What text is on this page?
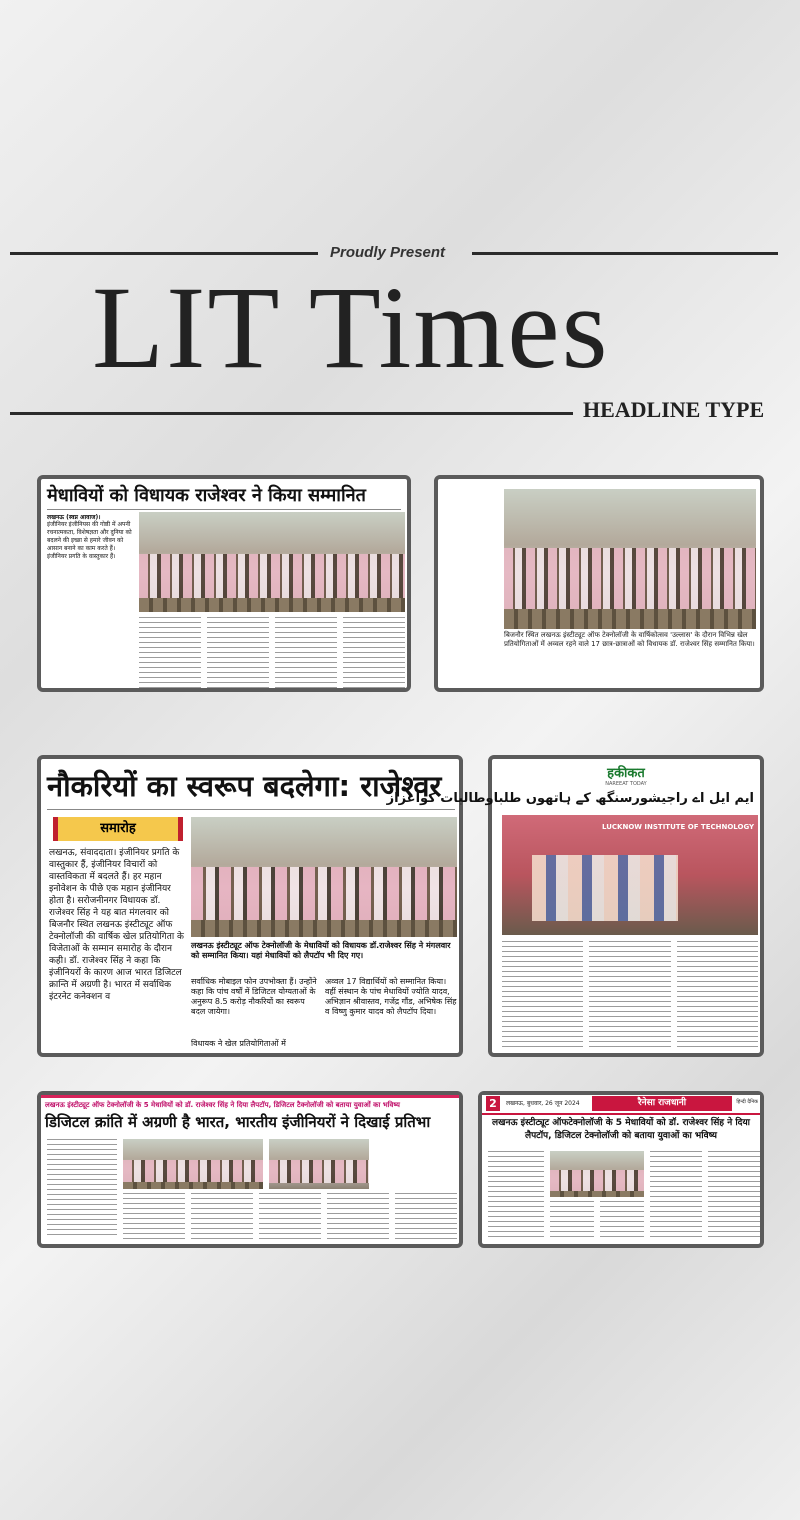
Proudly Present
LIT Times
HEADLINE TYPE
मेधावियों को विधायक राजेश्वर ने किया सम्मानित
लखनऊ (स्वप्न आवाज)।
इंजीनियर इंजीनियस की गोष्ठी में अपनी रचनात्मकता, विशेषज्ञता और दुनिया को बदलने की इच्छा से हमारे जीवन को आसान बनाने का काम करते हैं। इंजीनियर प्रगति के वास्तुकार हैं।
बिजनौर स्थित लखनऊ इंस्टीट्यूट ऑफ टेक्नोलॉजी के वार्षिकोत्सव 'उल्लास' के दौरान विभिन्न खेल प्रतियोगिताओं में अव्वल रहने वाले 17 छात्र-छात्राओं को विधायक डॉ. राजेश्वर सिंह सम्मानित किया।
नौकरियों का स्वरूप बदलेगा: राजेश्वर
समारोह
लखनऊ, संवाददाता। इंजीनियर प्रगति के वास्तुकार हैं, इंजीनियर विचारों को वास्तविकता में बदलते हैं। हर महान इनोवेशन के पीछे एक महान इंजीनियर होता है। सरोजनीनगर विधायक डॉ. राजेश्वर सिंह ने यह बात मंगलवार को बिजनौर स्थित लखनऊ इंस्टीट्यूट ऑफ टेक्नोलॉजी की वार्षिक खेल प्रतियोगिता के विजेताओं के सम्मान समारोह के दौरान कही। डॉ. राजेश्वर सिंह ने कहा कि इंजीनियरों के कारण आज भारत डिजिटल क्रान्ति में अग्रणी है। भारत में सर्वाधिक इंटरनेट कनेक्शन व
लखनऊ इंस्टीट्यूट ऑफ टेक्नोलॉजी के मेधावियों को विधायक डॉ.राजेश्वर सिंह ने मंगलवार को सम्मानित किया। यहां मेधावियों को लैपटॉप भी दिए गए।
सर्वाधिक मोबाइल फोन उपभोक्ता हैं। उन्होंने कहा कि पांच वर्षों में डिजिटल योग्यताओं के अनुरूप 8.5 करोड़ नौकरियों का स्वरूप बदल जायेगा।
विधायक ने खेल प्रतियोगिताओं में
अव्वल 17 विद्यार्थियों को सम्मानित किया। वहीं संस्थान के पांच मेधावियों ज्योति यादव, अभिज्ञान श्रीवास्तव, गजेंद्र गौंड, अभिषेक सिंह व विष्णु कुमार यादव को लैपटॉप दिया।
हकीकत
NAREEAT TODAY
ایم ایل اے راجیشورسنگھ کے ہاتھوں طلباوطالبات کواعزاز
LUCKNOW INSTITUTE OF TECHNOLOGY
लखनऊ इंस्टीट्यूट ऑफ टेक्नोलॉजी के 5 मेधावियों को डॉ. राजेश्वर सिंह ने दिया लैपटॉप, डिजिटल टैक्नोलॉजी को बताया युवाओं का भविष्य
डिजिटल क्रांति में अग्रणी है भारत, भारतीय इंजीनियरों ने दिखाई प्रतिभा
2	लखनऊ, बुधवार, 26 जून 2024	रैनेसा राजधानी	हिन्दी दैनिक
लखनऊ इंस्टीट्यूट ऑफटेक्नोलॉजी के 5 मेधावियों को डॉ. राजेश्वर सिंह ने दिया लैपटॉप, डिजिटल टेक्नोलॉजी को बताया युवाओं का भविष्य
